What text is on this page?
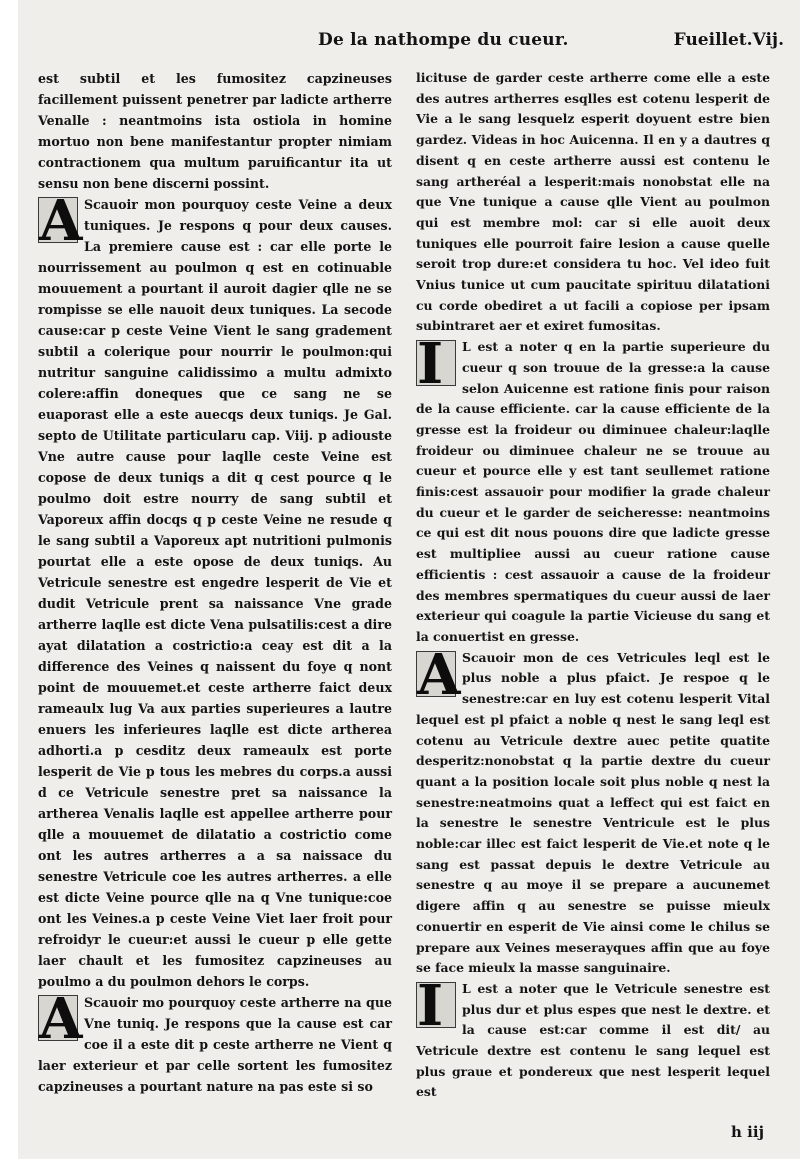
De la nathompe du cueur.	Fueillet.Vij.

est subtil et les fumositez capzineuses facillement puissent penetrer par ladicte artherre Venalle : neantmoins ista ostiola in homine mortuo non bene manifestantur propter nimiam contractionem qua multum paruificantur ita ut sensu non bene discerni possint.

A Scauoir mon pourquoy ceste Veine a deux tuniques. Je respons q pour deux causes. La premiere cause est : car elle porte le nourrissement au poulmon q est en cotinuable mouuement a pourtant il auroit dagier qlle ne se rompisse se elle nauoit deux tuniques. La secode cause:car p ceste Veine Vient le sang gradement subtil a colerique pour nourrir le poulmon:qui nutritur sanguine calidissimo a multu admixto colere:affin doneques que ce sang ne se euaporast elle a este auecqs deux tuniqs. Je Gal. septo de Utilitate particularu cap. Viij. p adiouste Vne autre cause pour laqlle ceste Veine est copose de deux tuniqs a dit q cest pource q le poulmo doit estre nourry de sang subtil et Vaporeux affin docqs q p ceste Veine ne resude q le sang subtil a Vaporeux apt nutritioni pulmonis pourtat elle a este opose de deux tuniqs. Au Vetricule senestre est engedre lesperit de Vie et dudit Vetricule prent sa naissance Vne grade artherre laqlle est dicte Vena pulsatilis:cest a dire ayat dilatation a costrictio:a ceay est dit a la difference des Veines q naissent du foye q nont point de mouuemet.et ceste artherre faict deux rameaulx lug Va aux parties superieures a lautre enuers les inferieures laqlle est dicte artherea adhorti.a p cesditz deux rameaulx est porte lesperit de Vie p tous les mebres du corps.a aussi d ce Vetricule senestre pret sa naissance la artherea Venalis laqlle est appellee artherre pour qlle a mouuemet de dilatatio a costrictio come ont les autres artherres a a sa naissace du senestre Vetricule coe les autres artherres. a elle est dicte Veine pource qlle na q Vne tunique:coe ont les Veines.a p ceste Veine Viet laer froit pour refroidyr le cueur:et aussi le cueur p elle gette laer chault et les fumositez capzineuses au poulmo a du poulmon dehors le corps.

A Scauoir mo pourquoy ceste artherre na que Vne tuniq. Je respons que la cause est car coe il a este dit p ceste artherre ne Vient q laer exterieur et par celle sortent les fumositez capzineuses a pourtant nature na pas este si so

licituse de garder ceste artherre come elle a este des autres artherres esqlles est cotenu lesperit de Vie a le sang lesquelz esperit doyuent estre bien gardez. Videas in hoc Auicenna. Il en y a dautres q disent q en ceste artherre aussi est contenu le sang artheréal a lesperit:mais nonobstat elle na que Vne tunique a cause qlle Vient au poulmon qui est membre mol: car si elle auoit deux tuniques elle pourroit faire lesion a cause quelle seroit trop dure:et considera tu hoc. Vel ideo fuit Vnius tunice ut cum paucitate spirituu dilatationi cu corde obediret a ut facili a copiose per ipsam subintraret aer et exiret fumositas.

I	L est a noter q en la partie superieure du cueur q son trouue de la gresse:a la cause selon Auicenne est ratione finis pour raison de la cause efficiente. car la cause efficiente de la gresse est la froideur ou diminuee chaleur:laqlle froideur ou diminuee chaleur ne se trouue au cueur et pource elle y est tant seullemet ratione finis:cest assauoir pour modifier la grade chaleur du cueur et le garder de seicheresse: neantmoins ce qui est dit nous pouons dire que ladicte gresse est multipliee aussi au cueur ratione cause efficientis : cest assauoir a cause de la froideur des membres spermatiques du cueur aussi de laer exterieur qui coagule la partie Vicieuse du sang et la conuertist en gresse.

A Scauoir mon de ces Vetricules leql est le plus noble a plus pfaict. Je respoe q le senestre:car en luy est cotenu lesperit Vital lequel est pl pfaict a noble q nest le sang leql est cotenu au Vetricule dextre auec petite quatite desperitz:nonobstat q la partie dextre du cueur quant a la position locale soit plus noble q nest la senestre:neatmoins quat a leffect qui est faict en la senestre le senestre Ventricule est le plus noble:car illec est faict lesperit de Vie.et note q le sang est passat depuis le dextre Vetricule au senestre q au moye il se prepare a aucunemet digere affin q au senestre se puisse mieulx conuertir en esperit de Vie ainsi come le chilus se prepare aux Veines meserayques affin que au foye se face mieulx la masse sanguinaire.

I	L est a noter que le Vetricule senestre est plus dur et plus espes que nest le dextre. et la cause est:car comme il est dit/ au Vetricule dextre est contenu le sang lequel est plus graue et pondereux que nest lesperit lequel est

h iij
